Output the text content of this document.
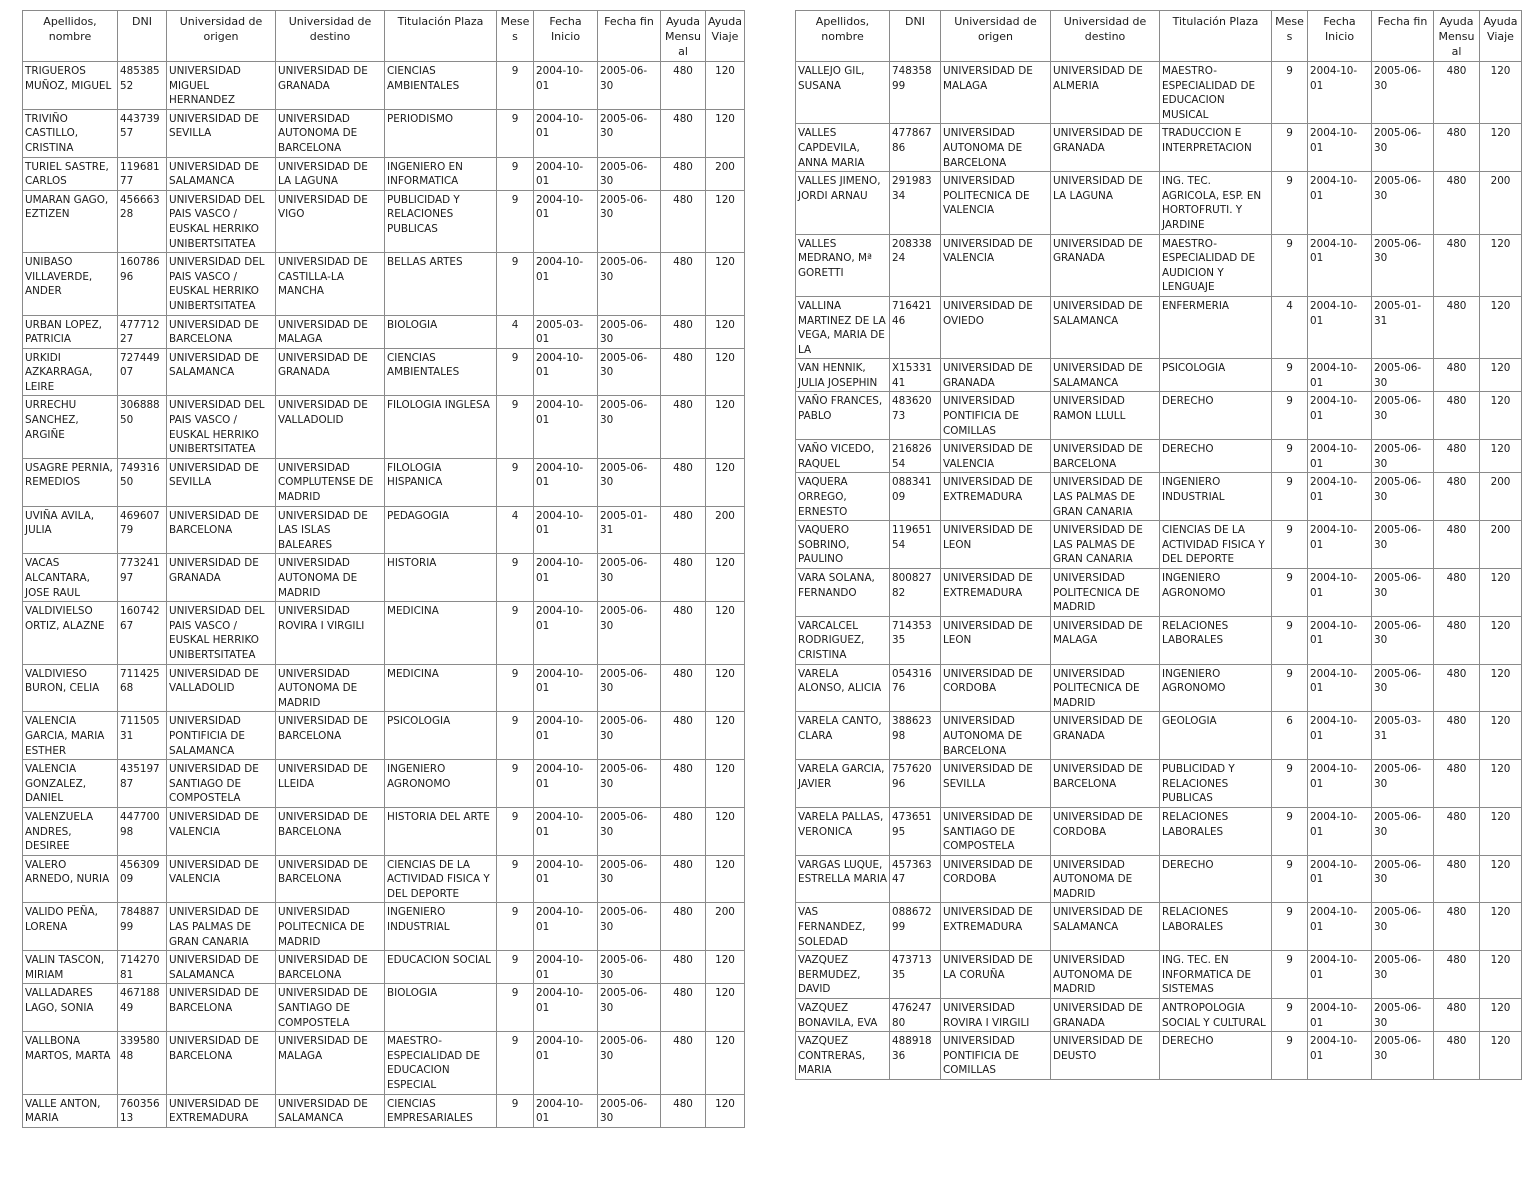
Apellidos, nombre	DNI	Universidad de origen	Universidad de destino	Titulación Plaza	Meses	Fecha Inicio	Fecha fin	Ayuda Mensual	Ayuda Viaje
TRIGUEROS MUÑOZ, MIGUEL	48538552	UNIVERSIDAD MIGUEL HERNANDEZ	UNIVERSIDAD DE GRANADA	CIENCIAS AMBIENTALES	9	2004-10-01	2005-06-30	480	120
TRIVIÑO CASTILLO, CRISTINA	44373957	UNIVERSIDAD DE SEVILLA	UNIVERSIDAD AUTONOMA DE BARCELONA	PERIODISMO	9	2004-10-01	2005-06-30	480	120
TURIEL SASTRE, CARLOS	11968177	UNIVERSIDAD DE SALAMANCA	UNIVERSIDAD DE LA LAGUNA	INGENIERO EN INFORMATICA	9	2004-10-01	2005-06-30	480	200
UMARAN GAGO, EZTIZEN	45666328	UNIVERSIDAD DEL PAIS VASCO / EUSKAL HERRIKO UNIBERTSITATEA	UNIVERSIDAD DE VIGO	PUBLICIDAD Y RELACIONES PUBLICAS	9	2004-10-01	2005-06-30	480	120
UNIBASO VILLAVERDE, ANDER	16078696	UNIVERSIDAD DEL PAIS VASCO / EUSKAL HERRIKO UNIBERTSITATEA	UNIVERSIDAD DE CASTILLA-LA MANCHA	BELLAS ARTES	9	2004-10-01	2005-06-30	480	120
URBAN LOPEZ, PATRICIA	47771227	UNIVERSIDAD DE BARCELONA	UNIVERSIDAD DE MALAGA	BIOLOGIA	4	2005-03-01	2005-06-30	480	120
URKIDI AZKARRAGA, LEIRE	72744907	UNIVERSIDAD DE SALAMANCA	UNIVERSIDAD DE GRANADA	CIENCIAS AMBIENTALES	9	2004-10-01	2005-06-30	480	120
URRECHU SANCHEZ, ARGIÑE	30688850	UNIVERSIDAD DEL PAIS VASCO / EUSKAL HERRIKO UNIBERTSITATEA	UNIVERSIDAD DE VALLADOLID	FILOLOGIA INGLESA	9	2004-10-01	2005-06-30	480	120
USAGRE PERNIA, REMEDIOS	74931650	UNIVERSIDAD DE SEVILLA	UNIVERSIDAD COMPLUTENSE DE MADRID	FILOLOGIA HISPANICA	9	2004-10-01	2005-06-30	480	120
UVIÑA AVILA, JULIA	46960779	UNIVERSIDAD DE BARCELONA	UNIVERSIDAD DE LAS ISLAS BALEARES	PEDAGOGIA	4	2004-10-01	2005-01-31	480	200
VACAS ALCANTARA, JOSE RAUL	77324197	UNIVERSIDAD DE GRANADA	UNIVERSIDAD AUTONOMA DE MADRID	HISTORIA	9	2004-10-01	2005-06-30	480	120
VALDIVIELSO ORTIZ, ALAZNE	16074267	UNIVERSIDAD DEL PAIS VASCO / EUSKAL HERRIKO UNIBERTSITATEA	UNIVERSIDAD ROVIRA I VIRGILI	MEDICINA	9	2004-10-01	2005-06-30	480	120
VALDIVIESO BURON, CELIA	71142568	UNIVERSIDAD DE VALLADOLID	UNIVERSIDAD AUTONOMA DE MADRID	MEDICINA	9	2004-10-01	2005-06-30	480	120
VALENCIA GARCIA, MARIA ESTHER	71150531	UNIVERSIDAD PONTIFICIA DE SALAMANCA	UNIVERSIDAD DE BARCELONA	PSICOLOGIA	9	2004-10-01	2005-06-30	480	120
VALENCIA GONZALEZ, DANIEL	43519787	UNIVERSIDAD DE SANTIAGO DE COMPOSTELA	UNIVERSIDAD DE LLEIDA	INGENIERO AGRONOMO	9	2004-10-01	2005-06-30	480	120
VALENZUELA ANDRES, DESIREE	44770098	UNIVERSIDAD DE VALENCIA	UNIVERSIDAD DE BARCELONA	HISTORIA DEL ARTE	9	2004-10-01	2005-06-30	480	120
VALERO ARNEDO, NURIA	45630909	UNIVERSIDAD DE VALENCIA	UNIVERSIDAD DE BARCELONA	CIENCIAS DE LA ACTIVIDAD FISICA Y DEL DEPORTE	9	2004-10-01	2005-06-30	480	120
VALIDO PEÑA, LORENA	78488799	UNIVERSIDAD DE LAS PALMAS DE GRAN CANARIA	UNIVERSIDAD POLITECNICA DE MADRID	INGENIERO INDUSTRIAL	9	2004-10-01	2005-06-30	480	200
VALIN TASCON, MIRIAM	71427081	UNIVERSIDAD DE SALAMANCA	UNIVERSIDAD DE BARCELONA	EDUCACION SOCIAL	9	2004-10-01	2005-06-30	480	120
VALLADARES LAGO, SONIA	46718849	UNIVERSIDAD DE BARCELONA	UNIVERSIDAD DE SANTIAGO DE COMPOSTELA	BIOLOGIA	9	2004-10-01	2005-06-30	480	120
VALLBONA MARTOS, MARTA	33958048	UNIVERSIDAD DE BARCELONA	UNIVERSIDAD DE MALAGA	MAESTRO-ESPECIALIDAD DE EDUCACION ESPECIAL	9	2004-10-01	2005-06-30	480	120
VALLE ANTON, MARIA	76035613	UNIVERSIDAD DE EXTREMADURA	UNIVERSIDAD DE SALAMANCA	CIENCIAS EMPRESARIALES	9	2004-10-01	2005-06-30	480	120
Apellidos, nombre	DNI	Universidad de origen	Universidad de destino	Titulación Plaza	Meses	Fecha Inicio	Fecha fin	Ayuda Mensual	Ayuda Viaje
VALLEJO GIL, SUSANA	74835899	UNIVERSIDAD DE MALAGA	UNIVERSIDAD DE ALMERIA	MAESTRO-ESPECIALIDAD DE EDUCACION MUSICAL	9	2004-10-01	2005-06-30	480	120
VALLES CAPDEVILA, ANNA MARIA	47786786	UNIVERSIDAD AUTONOMA DE BARCELONA	UNIVERSIDAD DE GRANADA	TRADUCCION E INTERPRETACION	9	2004-10-01	2005-06-30	480	120
VALLES JIMENO, JORDI ARNAU	29198334	UNIVERSIDAD POLITECNICA DE VALENCIA	UNIVERSIDAD DE LA LAGUNA	ING. TEC. AGRICOLA, ESP. EN HORTOFRUTI. Y JARDINE	9	2004-10-01	2005-06-30	480	200
VALLES MEDRANO, Mª GORETTI	20833824	UNIVERSIDAD DE VALENCIA	UNIVERSIDAD DE GRANADA	MAESTRO-ESPECIALIDAD DE AUDICION Y LENGUAJE	9	2004-10-01	2005-06-30	480	120
VALLINA MARTINEZ DE LA VEGA, MARIA DE LA	71642146	UNIVERSIDAD DE OVIEDO	UNIVERSIDAD DE SALAMANCA	ENFERMERIA	4	2004-10-01	2005-01-31	480	120
VAN HENNIK, JULIA JOSEPHIN	X1533141	UNIVERSIDAD DE GRANADA	UNIVERSIDAD DE SALAMANCA	PSICOLOGIA	9	2004-10-01	2005-06-30	480	120
VAÑO FRANCES, PABLO	48362073	UNIVERSIDAD PONTIFICIA DE COMILLAS	UNIVERSIDAD RAMON LLULL	DERECHO	9	2004-10-01	2005-06-30	480	120
VAÑO VICEDO, RAQUEL	21682654	UNIVERSIDAD DE VALENCIA	UNIVERSIDAD DE BARCELONA	DERECHO	9	2004-10-01	2005-06-30	480	120
VAQUERA ORREGO, ERNESTO	08834109	UNIVERSIDAD DE EXTREMADURA	UNIVERSIDAD DE LAS PALMAS DE GRAN CANARIA	INGENIERO INDUSTRIAL	9	2004-10-01	2005-06-30	480	200
VAQUERO SOBRINO, PAULINO	11965154	UNIVERSIDAD DE LEON	UNIVERSIDAD DE LAS PALMAS DE GRAN CANARIA	CIENCIAS DE LA ACTIVIDAD FISICA Y DEL DEPORTE	9	2004-10-01	2005-06-30	480	200
VARA SOLANA, FERNANDO	80082782	UNIVERSIDAD DE EXTREMADURA	UNIVERSIDAD POLITECNICA DE MADRID	INGENIERO AGRONOMO	9	2004-10-01	2005-06-30	480	120
VARCALCEL RODRIGUEZ, CRISTINA	71435335	UNIVERSIDAD DE LEON	UNIVERSIDAD DE MALAGA	RELACIONES LABORALES	9	2004-10-01	2005-06-30	480	120
VARELA ALONSO, ALICIA	05431676	UNIVERSIDAD DE CORDOBA	UNIVERSIDAD POLITECNICA DE MADRID	INGENIERO AGRONOMO	9	2004-10-01	2005-06-30	480	120
VARELA CANTO, CLARA	38862398	UNIVERSIDAD AUTONOMA DE BARCELONA	UNIVERSIDAD DE GRANADA	GEOLOGIA	6	2004-10-01	2005-03-31	480	120
VARELA GARCIA, JAVIER	75762096	UNIVERSIDAD DE SEVILLA	UNIVERSIDAD DE BARCELONA	PUBLICIDAD Y RELACIONES PUBLICAS	9	2004-10-01	2005-06-30	480	120
VARELA PALLAS, VERONICA	47365195	UNIVERSIDAD DE SANTIAGO DE COMPOSTELA	UNIVERSIDAD DE CORDOBA	RELACIONES LABORALES	9	2004-10-01	2005-06-30	480	120
VARGAS LUQUE, ESTRELLA MARIA	45736347	UNIVERSIDAD DE CORDOBA	UNIVERSIDAD AUTONOMA DE MADRID	DERECHO	9	2004-10-01	2005-06-30	480	120
VAS FERNANDEZ, SOLEDAD	08867299	UNIVERSIDAD DE EXTREMADURA	UNIVERSIDAD DE SALAMANCA	RELACIONES LABORALES	9	2004-10-01	2005-06-30	480	120
VAZQUEZ BERMUDEZ, DAVID	47371335	UNIVERSIDAD DE LA CORUÑA	UNIVERSIDAD AUTONOMA DE MADRID	ING. TEC. EN INFORMATICA DE SISTEMAS	9	2004-10-01	2005-06-30	480	120
VAZQUEZ BONAVILA, EVA	47624780	UNIVERSIDAD ROVIRA I VIRGILI	UNIVERSIDAD DE GRANADA	ANTROPOLOGIA SOCIAL Y CULTURAL	9	2004-10-01	2005-06-30	480	120
VAZQUEZ CONTRERAS, MARIA	48891836	UNIVERSIDAD PONTIFICIA DE COMILLAS	UNIVERSIDAD DE DEUSTO	DERECHO	9	2004-10-01	2005-06-30	480	120
